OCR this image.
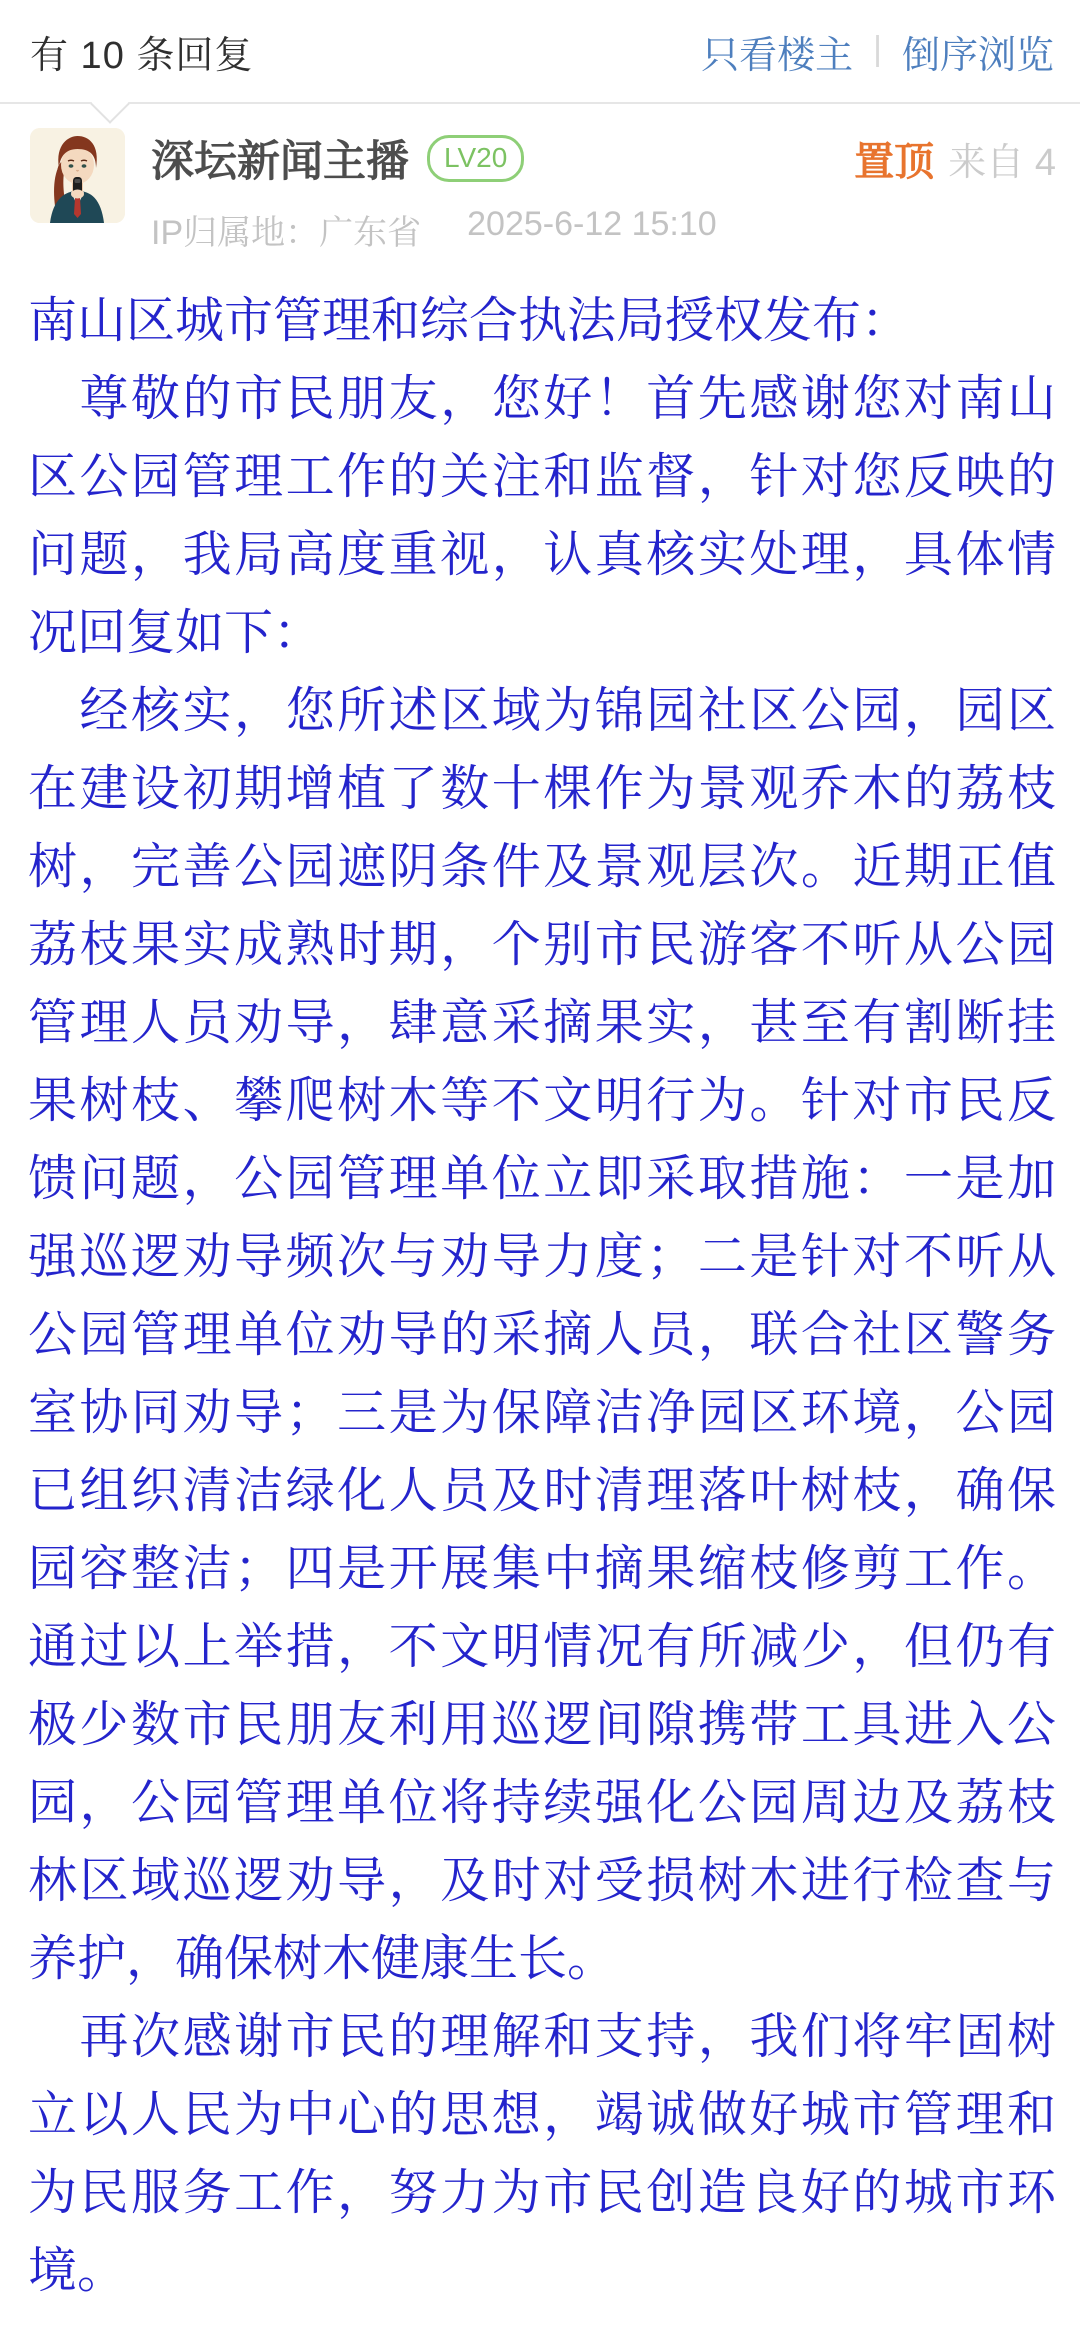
有 10 条回复	只看楼主 | 倒序浏览
深坛新闻主播	LV20	置顶 来自 4
IP归属地：广东省 2025-6-12 15:10

南山区城市管理和综合执法局授权发布：

　尊敬的市民朋友，您好！首先感谢您对南山区公园管理工作的关注和监督，针对您反映的问题，我局高度重视，认真核实处理，具体情况回复如下：

　经核实，您所述区域为锦园社区公园，园区在建设初期增植了数十棵作为景观乔木的荔枝树，完善公园遮阴条件及景观层次。近期正值荔枝果实成熟时期，个别市民游客不听从公园管理人员劝导，肆意采摘果实，甚至有割断挂果树枝、攀爬树木等不文明行为。针对市民反馈问题，公园管理单位立即采取措施：一是加强巡逻劝导频次与劝导力度；二是针对不听从公园管理单位劝导的采摘人员，联合社区警务室协同劝导；三是为保障洁净园区环境，公园已组织清洁绿化人员及时清理落叶树枝，确保园容整洁；四是开展集中摘果缩枝修剪工作。通过以上举措，不文明情况有所减少，但仍有极少数市民朋友利用巡逻间隙携带工具进入公园，公园管理单位将持续强化公园周边及荔枝林区域巡逻劝导，及时对受损树木进行检查与养护，确保树木健康生长。

　再次感谢市民的理解和支持，我们将牢固树立以人民为中心的思想，竭诚做好城市管理和为民服务工作，努力为市民创造良好的城市环境。
